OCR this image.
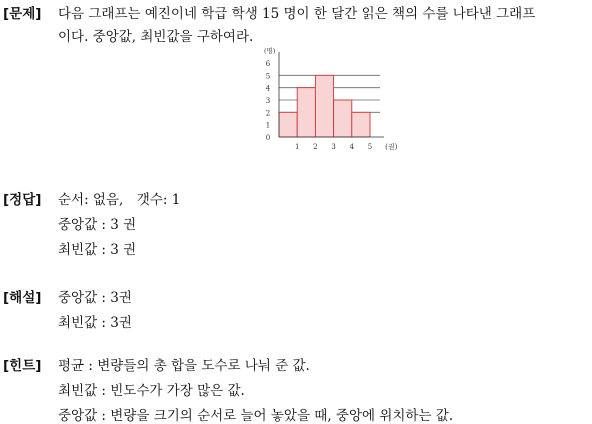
[문제] 다음 그래프는 예진이네 학급 학생 15 명이 한 달간 읽은 책의 수를 나타낸 그래프
이다. 중앙값, 최빈값을 구하여라.
0
1
2
3
4
5
6
1 2 3 4 5
(명)
(권)
[정답] 순서: 없음,　갯수: 1
중앙값 : 3 권
최빈값 : 3 권
[해설] 중앙값 : 3권
최빈값 : 3권
[힌트] 평균 : 변량들의 총 합을 도수로 나눠 준 값.
최빈값 : 빈도수가 가장 많은 값.
중앙값 : 변량을 크기의 순서로 늘어 놓았을 때, 중앙에 위치하는 값.
